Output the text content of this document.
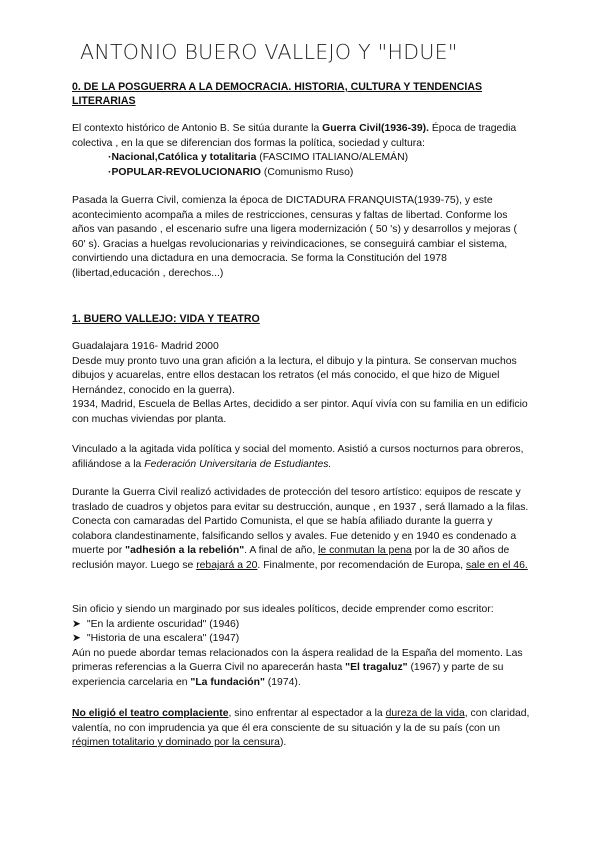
ANTONIO BUERO VALLEJO Y "HDUE"
0. DE LA POSGUERRA A LA DEMOCRACIA. HISTORIA, CULTURA Y TENDENCIAS
LITERARIAS

El contexto histórico de Antonio B. Se sitúa durante la Guerra Civil(1936-39). Época de tragedia colectiva , en la que se diferencian dos formas la política, sociedad y cultura:

·Nacional,Católica y totalitaria (FASCIMO ITALIANO/ALEMÁN)
·POPULAR-REVOLUCIONARIO (Comunismo Ruso)

Pasada la Guerra Civil, comienza la época de DICTADURA FRANQUISTA(1939-75), y este acontecimiento acompaña a miles de restricciones, censuras y faltas de libertad. Conforme los años van pasando , el escenario sufre una ligera modernización ( 50 's) y desarrollos y mejoras ( 60' s). Gracias a huelgas revolucionarias y reivindicaciones, se conseguirá cambiar el sistema, convirtiendo una dictadura en una democracia. Se forma la Constitución del 1978 (libertad,educación , derechos...)

1. BUERO VALLEJO: VIDA Y TEATRO
Guadalajara 1916- Madrid 2000
Desde muy pronto tuvo una gran afición a la lectura, el dibujo y la pintura. Se conservan muchos dibujos y acuarelas, entre ellos destacan los retratos (el más conocido, el que hizo de Miguel Hernández, conocido en la guerra).
1934, Madrid, Escuela de Bellas Artes, decidido a ser pintor. Aquí vivía con su familia en un edificio con muchas viviendas por planta.

Vinculado a la agitada vida política y social del momento. Asistió a cursos nocturnos para obreros, afiliándose a la Federación Universitaria de Estudiantes.

Durante la Guerra Civil realizó actividades de protección del tesoro artístico: equipos de rescate y traslado de cuadros y objetos para evitar su destrucción, aunque , en 1937 , será llamado a la filas. Conecta con camaradas del Partido Comunista, el que se había afiliado durante la guerra y colabora clandestinamente, falsificando sellos y avales. Fue detenido y en 1940 es condenado a muerte por "adhesión a la rebelión". A final de año, le conmutan la pena por la de 30 años de reclusión mayor. Luego se rebajará a 20. Finalmente, por recomendación de Europa, sale en el 46.

Sin oficio y siendo un marginado por sus ideales políticos, decide emprender como escritor:
➤ "En la ardiente oscuridad" (1946)
➤ "Historia de una escalera" (1947)
Aún no puede abordar temas relacionados con la áspera realidad de la España del momento. Las primeras referencias a la Guerra Civil no aparecerán hasta "El tragaluz" (1967) y parte de su experiencia carcelaria en "La fundación" (1974).

No eligió el teatro complaciente, sino enfrentar al espectador a la dureza de la vida, con claridad, valentía, no con imprudencia ya que él era consciente de su situación y la de su país (con un régimen totalitario y dominado por la censura).
